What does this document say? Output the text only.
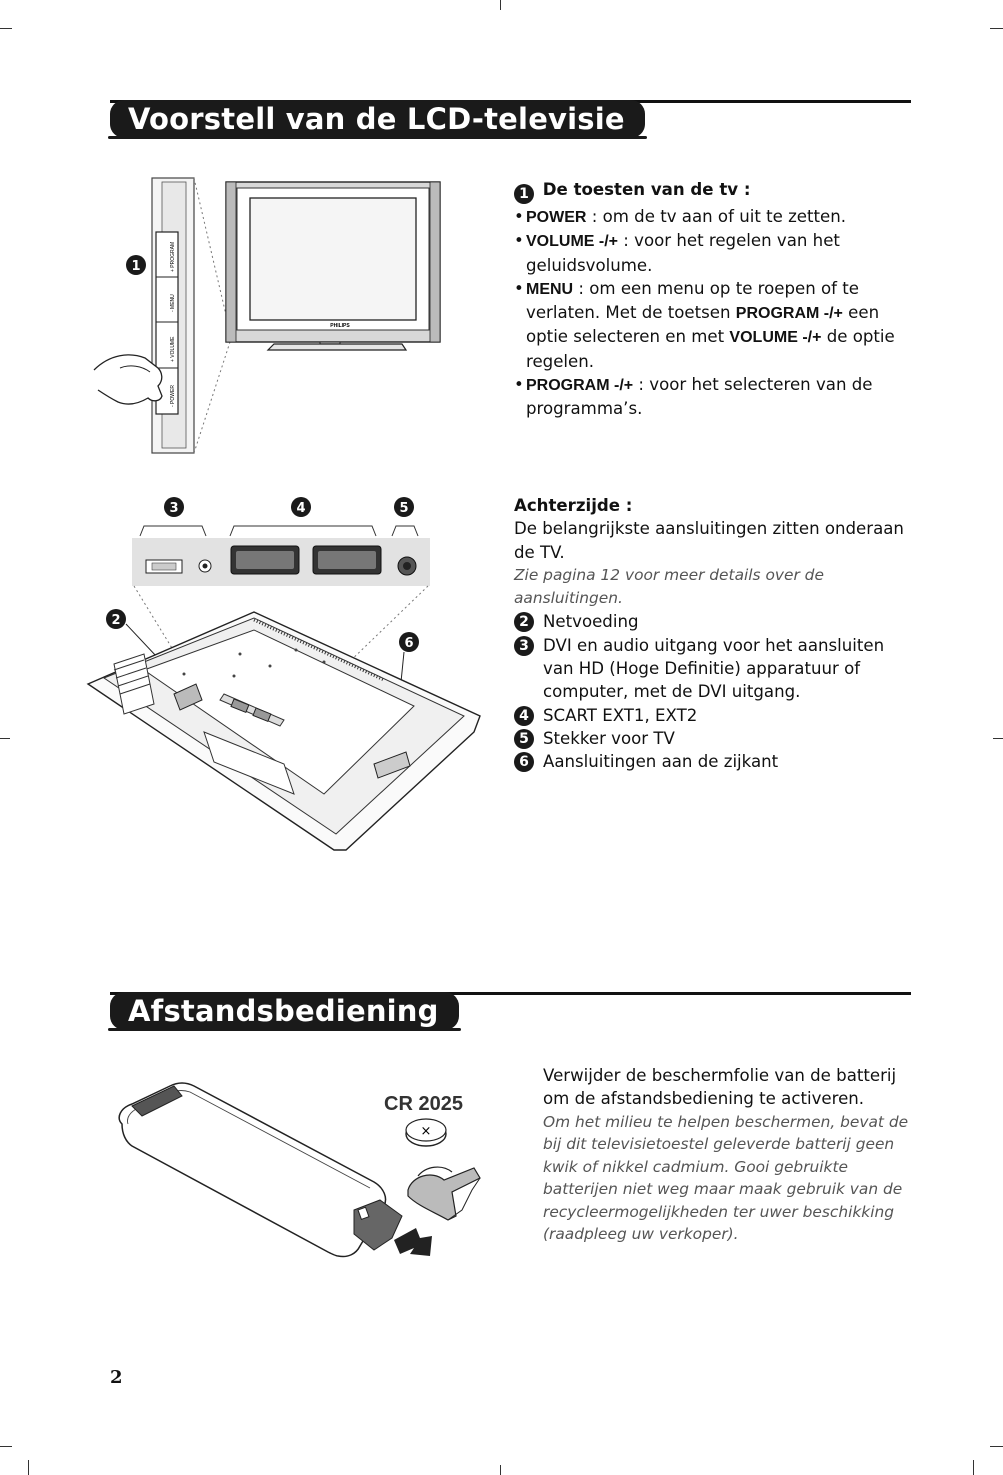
Voorstell van de LCD-televisie
+ PROGRAM
- MENU
+ VOLUME
- POWER
1
PHILIPS

1 De toesten van de tv :

• POWER : om de tv aan of uit te zetten.

• VOLUME -/+ : voor het regelen van het geluidsvolume.

• MENU : om een menu op te roepen of te verlaten. Met de toetsen PROGRAM -/+ een optie selecteren en met VOLUME -/+ de optie regelen.

• PROGRAM -/+ : voor het selecteren van de programma’s.

3	4	5
2
6

Achterzijde :

De belangrijkste aansluitingen zitten onderaan de TV.

Zie pagina 12 voor meer details over de aansluitingen.

2 Netvoeding

3 DVI en audio uitgang voor het aansluiten van HD (Hoge Definitie) apparatuur of computer, met de DVI uitgang.

4 SCART EXT1, EXT2

5 Stekker voor TV

6 Aansluitingen aan de zijkant

Afstandsbediening
CR 2025
×

Verwijder de beschermfolie van de batterij om de afstandsbediening te activeren.

Om het milieu te helpen beschermen, bevat de bij dit televisietoestel geleverde batterij geen kwik of nikkel cadmium. Gooi gebruikte batterijen niet weg maar maak gebruik van de recycleermogelijkheden ter uwer beschikking (raadpleeg uw verkoper).

2
